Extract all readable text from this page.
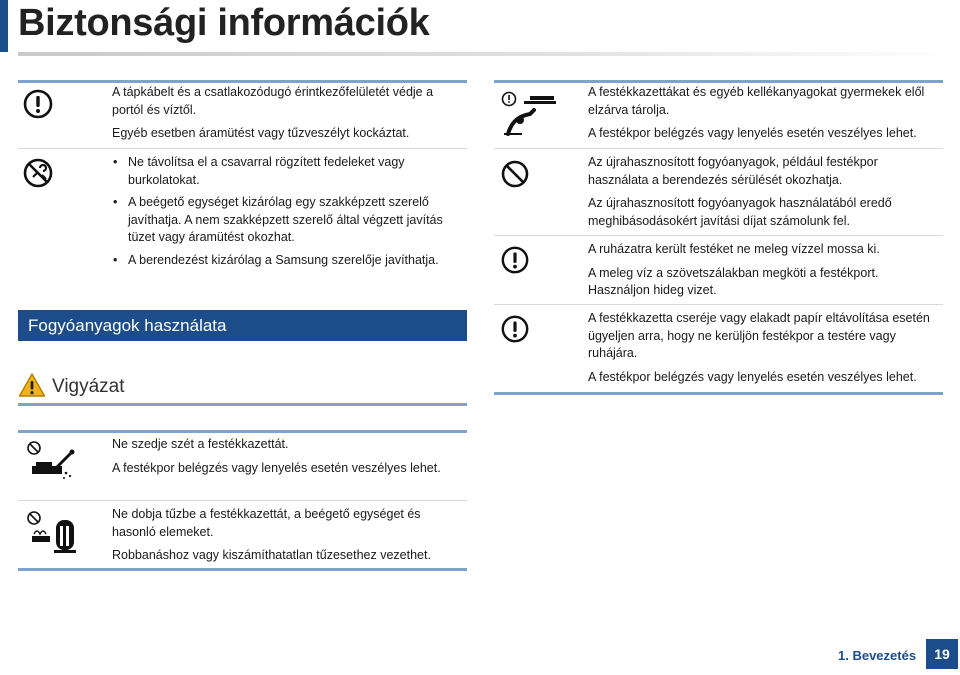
Biztonsági információk

A tápkábelt és a csatlakozódugó érintkezőfelületét védje a portól és víztől.

Egyéb esetben áramütést vagy tűzveszélyt kockáztat.

• Ne távolítsa el a csavarral rögzített fedeleket vagy burkolatokat.
• A beégető egységet kizárólag egy szakképzett szerelő javíthatja. A nem szakképzett szerelő által végzett javítás tüzet vagy áramütést okozhat.
• A berendezést kizárólag a Samsung szerelője javíthatja.
Fogyóanyagok használata
Vigyázat

A festékkazettákat és egyéb kellékanyagokat gyermekek elől elzárva tárolja.

A festékpor belégzés vagy lenyelés esetén veszélyes lehet.

Az újrahasznosított fogyóanyagok, például festékpor használata a berendezés sérülését okozhatja.

Az újrahasznosított fogyóanyagok használatából eredő meghibásodásokért javítási díjat számolunk fel.

A ruházatra került festéket ne meleg vízzel mossa ki.

A meleg víz a szövetszálakban megköti a festékport. Használjon hideg vizet.

A festékkazetta cseréje vagy elakadt papír eltávolítása esetén ügyeljen arra, hogy ne kerüljön festékpor a testére vagy ruhájára.

A festékpor belégzés vagy lenyelés esetén veszélyes lehet.

Ne szedje szét a festékkazettát.

A festékpor belégzés vagy lenyelés esetén veszélyes lehet.

Ne dobja tűzbe a festékkazettát, a beégető egységet és hasonló elemeket.

Robbanáshoz vagy kiszámíthatatlan tűzesethez vezethet.

1. Bevezetés	19
